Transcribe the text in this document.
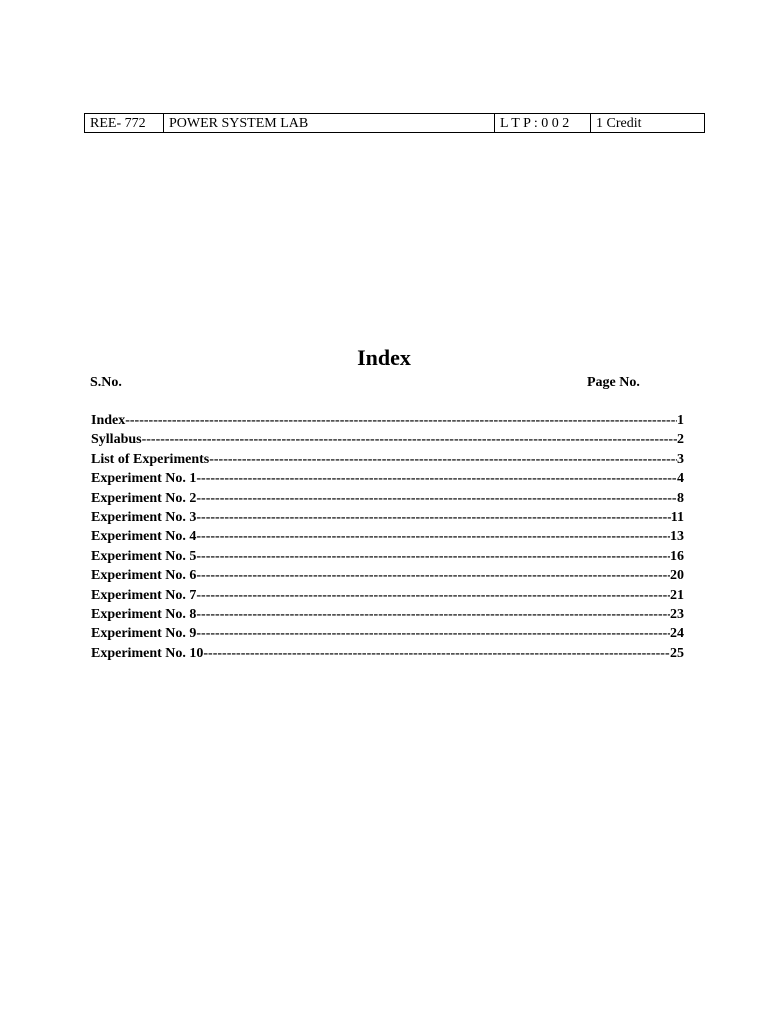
REE- 772	POWER SYSTEM LAB	L T P : 0 0 2	1 Credit
Index
S.No.	Page No.
Index -----	1
Syllabus -----	2
List of Experiments -----	3
Experiment No. 1 -----	4
Experiment No. 2 -----	8
Experiment No. 3 -----	11
Experiment No. 4 -----	13
Experiment No. 5 -----	16
Experiment No. 6 -----	20
Experiment No. 7 -----	21
Experiment No. 8 -----	23
Experiment No. 9 -----	24
Experiment No. 10 -----	25
